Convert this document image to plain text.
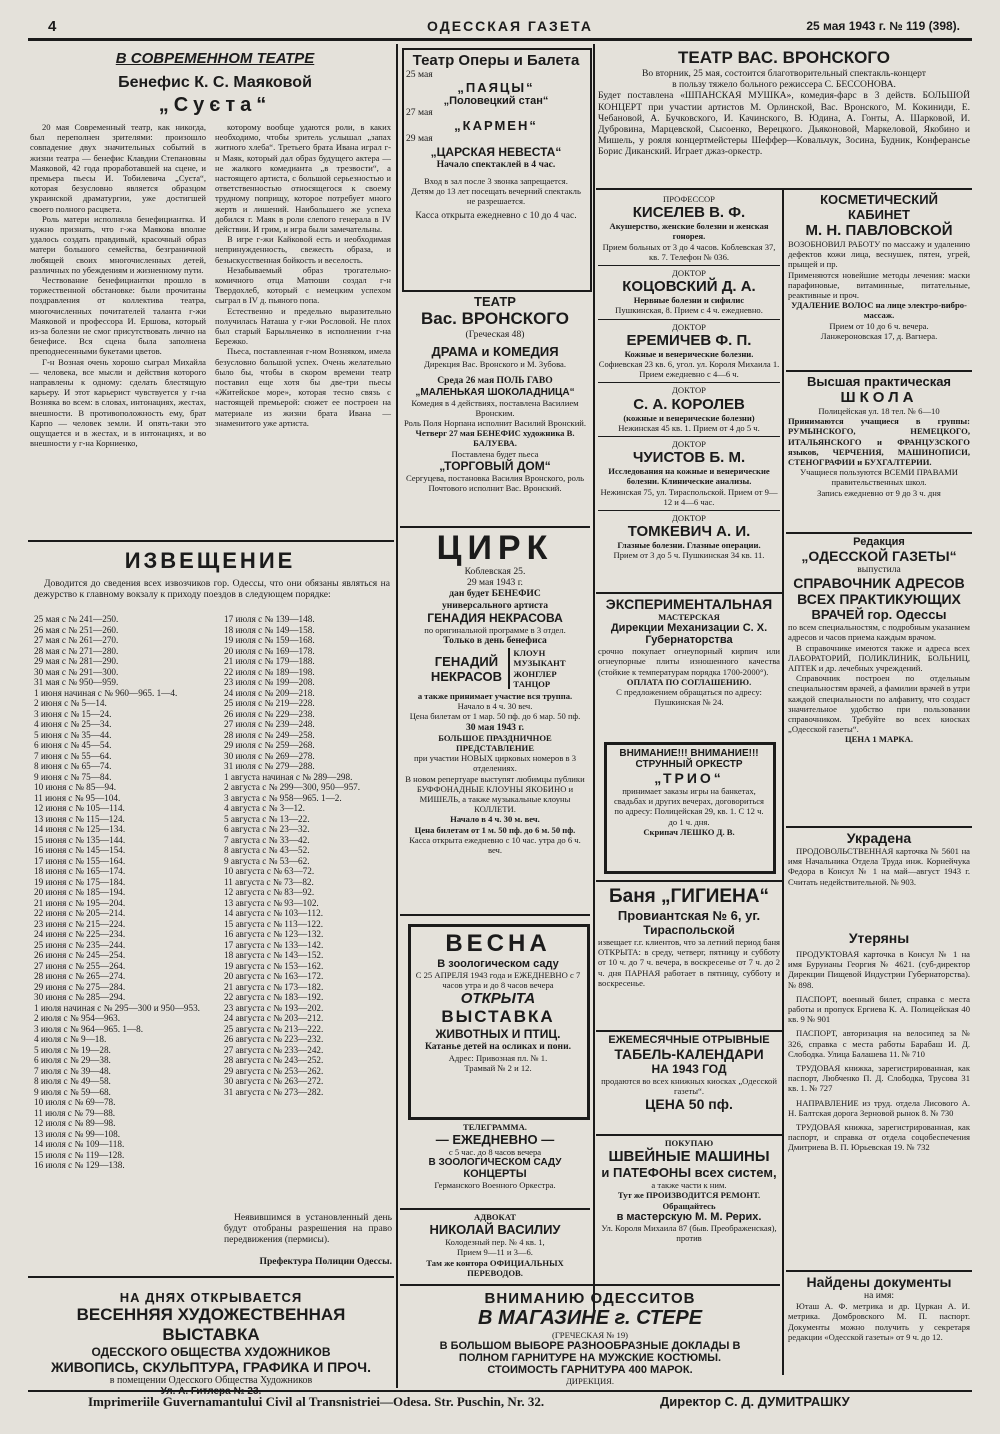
4	ОДЕССКАЯ ГАЗЕТА	25 мая 1943 г. № 119 (398).
В СОВРЕМЕННОМ ТЕАТРЕ
Бенефис К. С. Маяковой
„Суєта“

20 мая Современный театр, как никогда, был переполнен зрителями: произошло совпадение двух значительных событий в жизни театра — бенефис Клавдии Степановны Маяковой, 42 года проработавшей на сцене, и премьера пьесы И. Тобилевича „Суєта“, которая безусловно является образцом украинской драматургии, уже достигшей своего полного расцвета.

Роль матери исполняла бенефициантка. И нужно признать, что г-жа Маякова вполне удалось создать правдивый, красочный образ матери большого семейства, безграничной любящей своих многочисленных детей, различных по убеждениям и жизненному пути.

Чествование бенефициантки прошло в торжественной обстановке: были прочитаны поздравления от коллектива театра, многочисленных почитателей таланта г-жи Маяковой и профессора И. Ершова, который из-за болезни не смог присутствовать лично на бенефисе. Вся сцена была заполнена преподнесенными букетами цветов.

Г-н Возная очень хорошо сыграл Михайла — человека, все мысли и действия которого направлены к одному: сделать блестящую карьеру. И этот карьерист чувствуется у г-на Возняка во всем: в словах, интонациях, жестах, внешности. В противоположность ему, брат Карпо — человек земли. И опять-таки это ощущается и в жестах, и в интонациях, и во внешности у г-на Корниенко,

которому вообще удаются роли, в каких необходимо, чтобы зритель услышал „запах житного хлеба“. Третьего брата Ивана играл г-н Маяк, который дал образ будущего актера — не жалкого комедианта „в трезвости“, а настоящего артиста, с большой серьезностью и ответственностью относящегося к своему трудному поприщу, которое потребует много жертв и лишений. Наибольшего же успеха добился г. Маяк в роли слепого генерала в IV действии. И грим, и игра были замечательны.

В игре г-жи Кайковой есть и необходимая непринужденность, свежесть образа, и безыскусственная бойкость и веселость.

Незабываемый образ трогательно-комичного отца Матюши создал г-н Твердохлеб, который с немецким успехом сыграл в IV д. пьяного попа.

Естественно и предельно выразительно получилась Наташа у г-жи Рословой. Не плох был старый Барыльченко в исполнении г-на Бережко.

Пьеса, поставленная г-ном Возняком, имела безусловно большой успех. Очень желательно было бы, чтобы в скором времени театр поставил еще хотя бы две-три пьесы «Житейское море», которая тесно связь с настоящей премьерой: сюжет ее построен на материале из жизни брата Ивана — знаменитого уже артиста.

ИЗВЕЩЕНИЕ
Доводится до сведения всех извозчиков гор. Одессы, что они обязаны являться на дежурство к главному вокзалу к приходу поездов в следующем порядке:
25 мая с № 241—250.
26 мая с № 251—260.
27 мая с № 261—270.
28 мая с № 271—280.
29 мая с № 281—290.
30 мая с № 291—300.
31 мая с № 950—959.
1 июня начиная с № 960—965. 1—4.
2 июня с № 5—14.
3 июня с № 15—24.
4 июня с № 25—34.
5 июня с № 35—44.
6 июня с № 45—54.
7 июня с № 55—64.
8 июня с № 65—74.
9 июня с № 75—84.
10 июня с № 85—94.
11 июня с № 95—104.
12 июня с № 105—114.
13 июня с № 115—124.
14 июня с № 125—134.
15 июня с № 135—144.
16 июня с № 145—154.
17 июня с № 155—164.
18 июня с № 165—174.
19 июня с № 175—184.
20 июня с № 185—194.
21 июня с № 195—204.
22 июня с № 205—214.
23 июня с № 215—224.
24 июня с № 225—234.
25 июня с № 235—244.
26 июня с № 245—254.
27 июня с № 255—264.
28 июня с № 265—274.
29 июня с № 275—284.
30 июня с № 285—294.
1 июля начиная с № 295—300 и 950—953.
2 июля с № 954—963.
3 июля с № 964—965. 1—8.
4 июля с № 9—18.
5 июля с № 19—28.
6 июля с № 29—38.
7 июля с № 39—48.
8 июля с № 49—58.
9 июля с № 59—68.
10 июля с № 69—78.
11 июля с № 79—88.
12 июля с № 89—98.
13 июля с № 99—108.
14 июля с № 109—118.
15 июля с № 119—128.
16 июля с № 129—138.
17 июля с № 139—148.
18 июля с № 149—158.
19 июля с № 159—168.
20 июля с № 169—178.
21 июля с № 179—188.
22 июля с № 189—198.
23 июля с № 199—208.
24 июля с № 209—218.
25 июля с № 219—228.
26 июля с № 229—238.
27 июля с № 239—248.
28 июля с № 249—258.
29 июля с № 259—268.
30 июля с № 269—278.
31 июля с № 279—288.
1 августа начиная с № 289—298.
2 августа с № 299—300, 950—957.
3 августа с № 958—965. 1—2.
4 августа с № 3—12.
5 августа с № 13—22.
6 августа с № 23—32.
7 августа с № 33—42.
8 августа с № 43—52.
9 августа с № 53—62.
10 августа с № 63—72.
11 августа с № 73—82.
12 августа с № 83—92.
13 августа с № 93—102.
14 августа с № 103—112.
15 августа с № 113—122.
16 августа с № 123—132.
17 августа с № 133—142.
18 августа с № 143—152.
19 августа с № 153—162.
20 августа с № 163—172.
21 августа с № 173—182.
22 августа с № 183—192.
23 августа с № 193—202.
24 августа с № 203—212.
25 августа с № 213—222.
26 августа с № 223—232.
27 августа с № 233—242.
28 августа с № 243—252.
29 августа с № 253—262.
30 августа с № 263—272.
31 августа с № 273—282.
Неявившимся в установленный день будут отобраны разрешения на право передвижения (пермисы).
Префектура Полиции Одессы.
НА ДНЯХ ОТКРЫВАЕТСЯ
ВЕСЕННЯЯ ХУДОЖЕСТВЕННАЯ ВЫСТАВКА
ОДЕССКОГО ОБЩЕСТВА ХУДОЖНИКОВ
ЖИВОПИСЬ, СКУЛЬПТУРА, ГРАФИКА И ПРОЧ.
в помещении Одесского Общества Художников
Театр Оперы и Балета
25 мая
„ПАЯЦЫ“
„Половецкий стан“
27 мая
„КАРМЕН“
29 мая
„ЦАРСКАЯ НЕВЕСТА“
Начало спектаклей в 4 час.
Вход в зал после 3 звонка запрещается.
Детям до 13 лет посещать вечерний спектакль не разрешается.
Касса открыта ежедневно с 10 до 4 час.
ТЕАТР
Вас. ВРОНСКОГО
(Греческая 48)
ДРАМА и КОМЕДИЯ
Дирекция Вас. Вронского и М. Зубова.
Среда 26 мая ПОЛЬ ГАВО
„МАЛЕНЬКАЯ ШОКОЛАДНИЦА“
Комедия в 4 действиях, поставлена Василием Вронским.
Роль Поля Норпана исполнит Василий Вронский.
Четверг 27 мая БЕНЕФИС художника В. БАЛУЕВА.
Поставлена будет пьеса
„ТОРГОВЫЙ ДОМ“
Сергуцева, постановка Василия Вронского, роль Почтового исполнит Вас. Вронский.
ЦИРК
Коблевская 25.
29 мая 1943 г.
дан будет БЕНЕФИС
универсального артиста
ГЕНАДИЯ НЕКРАСОВА
по оригинальной программе в 3 отдел.
Только в день бенефиса
ГЕНАДИЙ НЕКРАСОВ
КЛОУН
МУЗЫКАНТ
ЖОНГЛЕР
ТАНЦОР
а также принимает участие вся труппа.
Начало в 4 ч. 30 веч.
Цена билетам от 1 мар. 50 пф. до 6 мар. 50 пф.
30 мая 1943 г.
БОЛЬШОЕ ПРАЗДНИЧНОЕ ПРЕДСТАВЛЕНИЕ
при участии НОВЫХ цирковых номеров в 3 отделениях.
В новом репертуаре выступят любимцы публики БУФФОНАДНЫЕ КЛОУНЫ ЯКОБИНО и МИШЕЛЬ, а также музыкальные клоуны КОЛЛЕТИ.
Начало в 4 ч. 30 м. веч.
Цена билетам от 1 м. 50 пф. до 6 м. 50 пф.
Касса открыта ежедневно с 10 час. утра до 6 ч. веч.
ВЕСНА
В зоологическом саду
С 25 АПРЕЛЯ 1943 года и ЕЖЕДНЕВНО с 7 часов утра и до 8 часов вечера
ОТКРЫТА
ВЫСТАВКА
ЖИВОТНЫХ И ПТИЦ.
Катанье детей на осликах и пони.
Адрес: Привозная пл. № 1.
Трамвай № 2 и 12.
ТЕЛЕГРАММА.
— ЕЖЕДНЕВНО —
с 5 час. до 8 часов вечера
В ЗООЛОГИЧЕСКОМ САДУ
КОНЦЕРТЫ
Германского Военного Оркестра.
АДВОКАТ
НИКОЛАЙ ВАСИЛИУ
Колодезный пер. № 4 кв. 1,
Прием 9—11 и 3—6.
Там же контора ОФИЦИАЛЬНЫХ ПЕРЕВОДОВ.
ВНИМАНИЮ ОДЕССИТОВ
В МАГАЗИНЕ г. СТЕРЕ
(ГРЕЧЕСКАЯ № 19)
В БОЛЬШОМ ВЫБОРЕ РАЗНООБРАЗНЫЕ ДОКЛАДЫ В
ПОЛНОМ ГАРНИТУРЕ НА МУЖСКИЕ КОСТЮМЫ.
СТОИМОСТЬ ГАРНИТУРА 400 МАРОК.
ДИРЕКЦИЯ.
ТЕАТР ВАС. ВРОНСКОГО
Во вторник, 25 мая, состоится благотворительный спектакль-концерт
в пользу тяжело больного режиссера С. БЕССОНОВА.
Будет поставлена «ШПАНСКАЯ МУШКА», комедия-фарс в 3 действ. БОЛЬШОЙ КОНЦЕРТ при участии артистов М. Орлинской, Вас. Вронского, М. Кокиниди, Е. Чебановой, А. Бучковского, И. Качинского, В. Юдина, А. Гонты, А. Шарковой, И. Дубровина, Марцевской, Сысоенко, Верецкого. Дьяконовой, Маркеловой, Якобино и Мишель, у рояля концертмейстеры Шеффер—Ковальчук, Зосина, Будник, Конферансье Борис Диканский. Играет джаз-оркестр.
ПРОФЕССОР
КИСЕЛЕВ В. Ф.
Акушерство, женские болезни и женская гонорея.
Прием больных от 3 до 4 часов. Коблевская 37, кв. 7. Телефон № 036.
ДОКТОР
КОЦОВСКИЙ Д. А.
Нервные болезни и сифилис
Пушкинская, 8. Прием с 4 ч. ежедневно.
ДОКТОР
ЕРЕМИЧЕВ Ф. П.
Кожные и венерические болезни.
Софиевская 23 кв. 6, угол. ул. Короля Михаила 1. Прием ежедневно с 4—6 ч.
ДОКТОР
С. А. КОРОЛЕВ
(кожные и венерические болезни)
Нежинская 45 кв. 1. Прием от 4 до 5 ч.
ДОКТОР
ЧУИСТОВ Б. М.
Исследования на кожные и венерические болезни. Клинические анализы.
Нежинская 75, ул. Тираспольской. Прием от 9—12 и 4—6 час.
ДОКТОР
ТОМКЕВИЧ А. И.
Глазные болезни. Глазные операции.
Прием от 3 до 5 ч. Пушкинская 34 кв. 11.
ЭКСПЕРИМЕНТАЛЬНАЯ
МАСТЕРСКАЯ
Дирекции Механизации С. Х.
Губернаторства
срочно покупает огнеупорный кирпич или огнеупорные плиты изношенного качества (стойкие к температурам порядка 1700-2000°).
ОПЛАТА ПО СОГЛАШЕНИЮ.
С предложением обращаться по адресу: Пушкинская № 24.
ВНИМАНИЕ!!! ВНИМАНИЕ!!!
СТРУННЫЙ ОРКЕСТР
„ТРИО“
принимает заказы игры на банкетах, свадьбах и других вечерах, договориться по адресу: Полицейская 29, кв. 1. С 12 ч. до 1 ч. дня.
Скрипач ЛЕШКО Д. В.
Баня „ГИГИЕНА“
Провиантская № 6, уг.
Тираспольской
извещает г.г. клиентов, что за летний период баня ОТКРЫТА: в среду, четверг, пятницу и субботу от 10 ч. до 7 ч. вечера, в воскресенье от 7 ч. до 2 ч. дня ПАРНАЯ работает в пятницу, субботу и воскресенье.
ЕЖЕМЕСЯЧНЫЕ ОТРЫВНЫЕ
ТАБЕЛЬ-КАЛЕНДАРИ
НА 1943 ГОД
продаются во всех книжных киосках „Одесской газеты“.
ЦЕНА 50 пф.
ПОКУПАЮ
ШВЕЙНЫЕ МАШИНЫ
и ПАТЕФОНЫ всех систем,
а также части к ним.
Тут же ПРОИЗВОДИТСЯ РЕМОНТ. Обращайтесь
в мастерскую М. М. Рерих.
Ул. Короля Михаила 87 (быв. Преображенская), против
КОСМЕТИЧЕСКИЙ
КАБИНЕТ
М. Н. ПАВЛОВСКОЙ
ВОЗОБНОВИЛ РАБОТУ по массажу и удалению дефектов кожи лица, веснушек, пятен, угрей, прыщей и пр.
Применяются новейшие методы лечения: маски парафиновые, витаминные, питательные, реактивные и проч.
УДАЛЕНИЕ ВОЛОС на лице электро-вибро-массаж.
Прием от 10 до 6 ч. вечера.
Ланжероновская 17, д. Вагнера.
Высшая практическая
ШКОЛА
Полицейская ул. 18 тел. № 6—10
Принимаются учащиеся в группы: РУМЫНСКОГО, НЕМЕЦКОГО, ИТАЛЬЯНСКОГО и ФРАНЦУЗСКОГО языков, ЧЕРЧЕНИЯ, МАШИНОПИСИ, СТЕНОГРАФИИ и БУХГАЛТЕРИИ.
Учащиеся пользуются ВСЕМИ ПРАВАМИ правительственных школ.
Запись ежедневно от 9 до 3 ч. дня
Редакция
„ОДЕССКОЙ ГАЗЕТЫ“
выпустила
СПРАВОЧНИК АДРЕСОВ
ВСЕХ ПРАКТИКУЮЩИХ
ВРАЧЕЙ гор. Одессы
по всем специальностям, с подробным указанием адресов и часов приема каждым врачом.
В справочнике имеются также и адреса всех ЛАБОРАТОРИЙ, ПОЛИКЛИНИК, БОЛЬНИЦ, АПТЕК и др. лечебных учреждений.
Справочник построен по отдельным специальностям врачей, а фамилии врачей в утри каждой специальности по алфавиту, что создаст значительное удобство при пользовании справочником. Требуйте во всех киосках „Одесской газеты“.
ЦЕНА 1 МАРКА.
Украдена
ПРОДОВОЛЬСТВЕННАЯ карточка № 5601 на имя Начальника Отдела Труда инж. Корнейчука Федора в Консул № 1 на май—август 1943 г. Считать недействительной. № 903.
Утеряны
ПРОДУКТОВАЯ карточка в Консул № 1 на имя Буруианы Георгия № 4621. (суб-директор Дирекции Пищевой Индустрии Губернаторства). № 898.
ПАСПОРТ, военный билет, справка с места работы и пропуск Ергиева К. А. Полицейская 40 кв. 9 № 901
ПАСПОРТ, авторизация на велосипед за № 326, справка с места работы Барабаш И. Д. Слободка. Улица Балашева 11. № 710
ТРУДОВАЯ книжка, зарегистрированная, как паспорт, Любченко П. Д. Слободка, Трусова 31 кв. 1. № 727
НАПРАВЛЕНИЕ из труд. отдела Лисового А. Н. Балтская дорога Зерновой рынок 8. № 730
ТРУДОВАЯ книжка, зарегистрированная, как паспорт, и справка от отдела соцобеспечения Дмитриева В. П. Юрьевская 19. № 732
Найдены документы
на имя:
Юташ А. Ф. метрика и др. Цуркан А. И. метрика. Домбровского М. П. паспорт. Документы можно получить у секретаря редакции «Одесской газеты» от 9 ч. до 12.
Imprimeriile Guvernamantului Civil al Transnistriei—Odesa. Str. Puschin, Nr. 32.	Директор С. Д. ДУМИТРАШКУ
